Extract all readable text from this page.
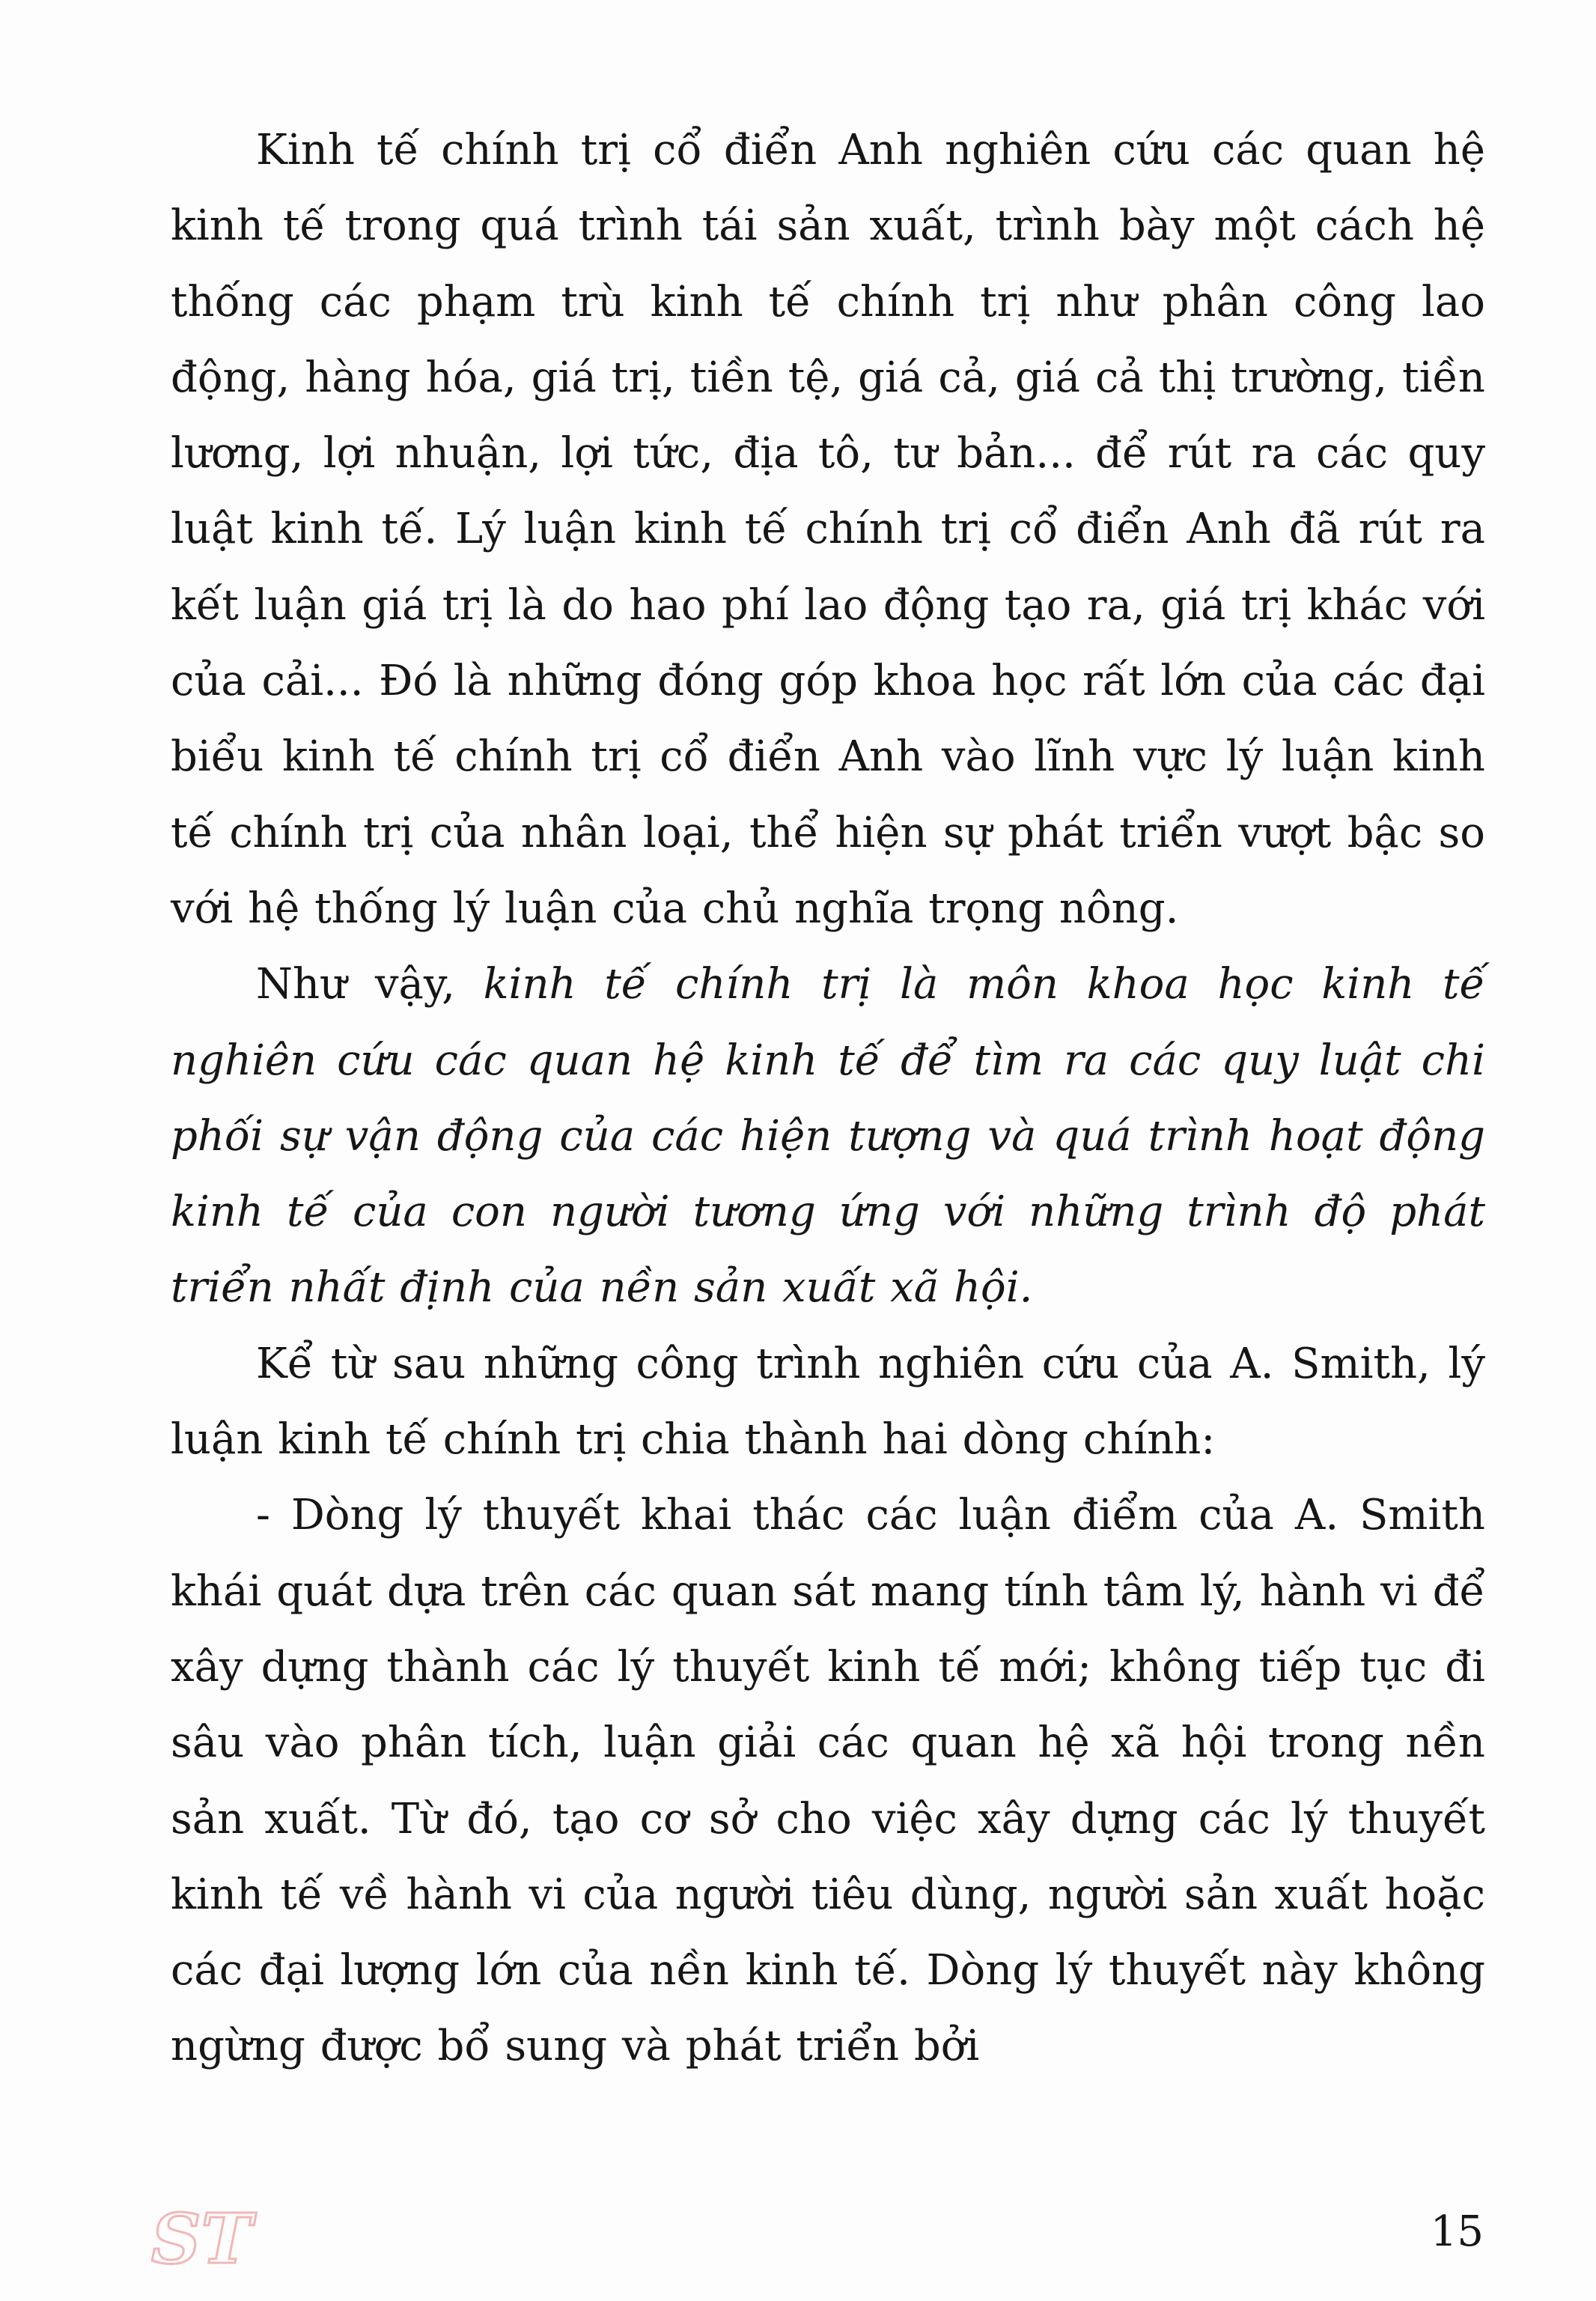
Kinh tế chính trị cổ điển Anh nghiên cứu các quan hệ kinh tế trong quá trình tái sản xuất, trình bày một cách hệ thống các phạm trù kinh tế chính trị như phân công lao động, hàng hóa, giá trị, tiền tệ, giá cả, giá cả thị trường, tiền lương, lợi nhuận, lợi tức, địa tô, tư bản... để rút ra các quy luật kinh tế. Lý luận kinh tế chính trị cổ điển Anh đã rút ra kết luận giá trị là do hao phí lao động tạo ra, giá trị khác với của cải... Đó là những đóng góp khoa học rất lớn của các đại biểu kinh tế chính trị cổ điển Anh vào lĩnh vực lý luận kinh tế chính trị của nhân loại, thể hiện sự phát triển vượt bậc so với hệ thống lý luận của chủ nghĩa trọng nông.

Như vậy, kinh tế chính trị là môn khoa học kinh tế nghiên cứu các quan hệ kinh tế để tìm ra các quy luật chi phối sự vận động của các hiện tượng và quá trình hoạt động kinh tế của con người tương ứng với những trình độ phát triển nhất định của nền sản xuất xã hội.

Kể từ sau những công trình nghiên cứu của A. Smith, lý luận kinh tế chính trị chia thành hai dòng chính:

- Dòng lý thuyết khai thác các luận điểm của A. Smith khái quát dựa trên các quan sát mang tính tâm lý, hành vi để xây dựng thành các lý thuyết kinh tế mới; không tiếp tục đi sâu vào phân tích, luận giải các quan hệ xã hội trong nền sản xuất. Từ đó, tạo cơ sở cho việc xây dựng các lý thuyết kinh tế về hành vi của người tiêu dùng, người sản xuất hoặc các đại lượng lớn của nền kinh tế. Dòng lý thuyết này không ngừng được bổ sung và phát triển bởi

ST	15
